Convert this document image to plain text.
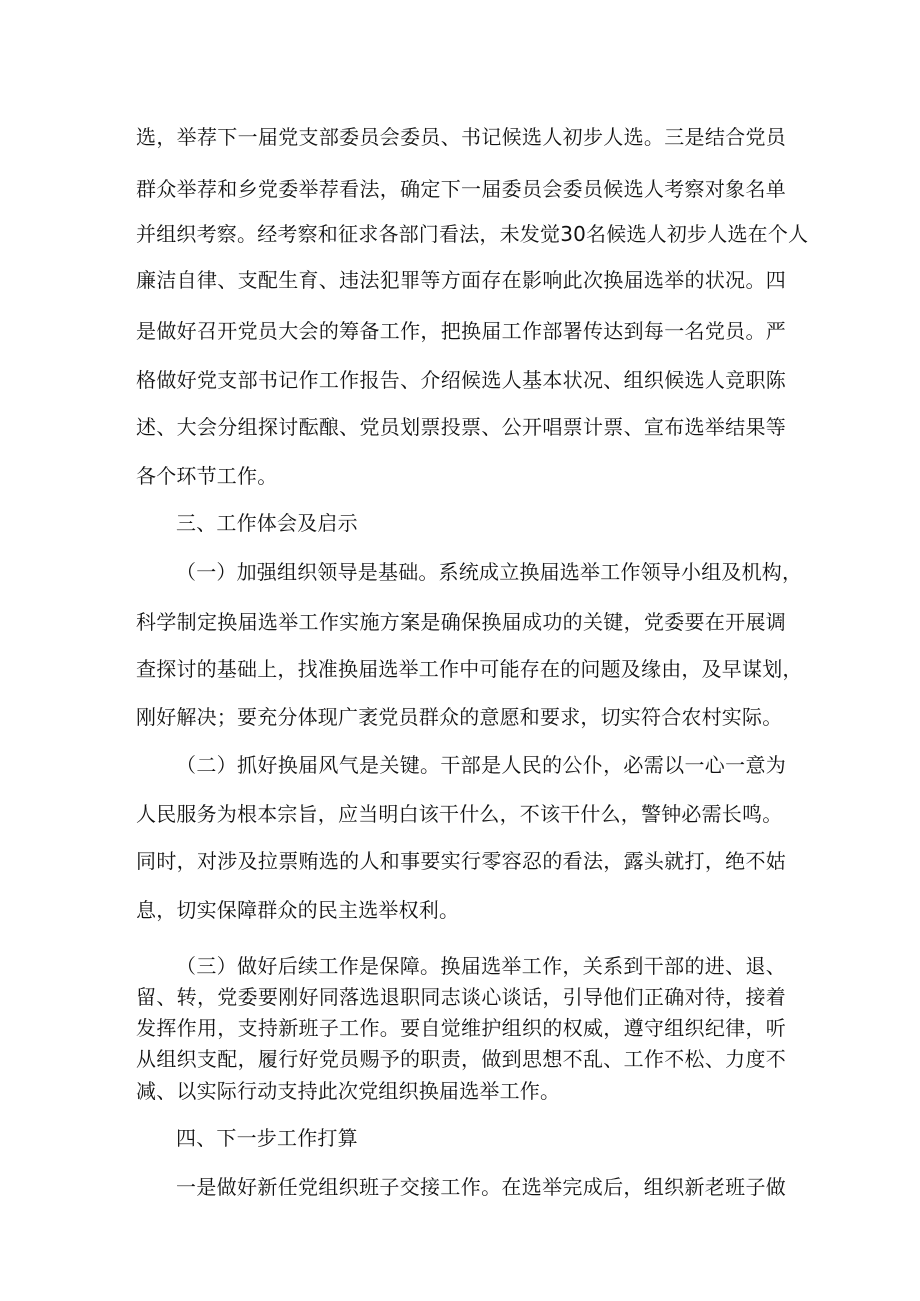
选，举荐下一届党支部委员会委员、书记候选人初步人选。三是结合党员
群众举荐和乡党委举荐看法，确定下一届委员会委员候选人考察对象名单
并组织考察。经考察和征求各部门看法，未发觉30名候选人初步人选在个人
廉洁自律、支配生育、违法犯罪等方面存在影响此次换届选举的状况。四
是做好召开党员大会的筹备工作，把换届工作部署传达到每一名党员。严
格做好党支部书记作工作报告、介绍候选人基本状况、组织候选人竞职陈
述、大会分组探讨酝酿、党员划票投票、公开唱票计票、宣布选举结果等
各个环节工作。
三、工作体会及启示
（一）加强组织领导是基础。系统成立换届选举工作领导小组及机构，
科学制定换届选举工作实施方案是确保换届成功的关键，党委要在开展调
查探讨的基础上，找准换届选举工作中可能存在的问题及缘由，及早谋划，
刚好解决；要充分体现广袤党员群众的意愿和要求，切实符合农村实际。
（二）抓好换届风气是关键。干部是人民的公仆，必需以一心一意为
人民服务为根本宗旨，应当明白该干什么，不该干什么，警钟必需长鸣。
同时，对涉及拉票贿选的人和事要实行零容忍的看法，露头就打，绝不姑
息，切实保障群众的民主选举权利。
（三）做好后续工作是保障。换届选举工作，关系到干部的进、退、
留、转，党委要刚好同落选退职同志谈心谈话，引导他们正确对待，接着
发挥作用，支持新班子工作。要自觉维护组织的权威，遵守组织纪律，听
从组织支配，履行好党员赐予的职责，做到思想不乱、工作不松、力度不
减、以实际行动支持此次党组织换届选举工作。
四、下一步工作打算
一是做好新任党组织班子交接工作。在选举完成后，组织新老班子做
